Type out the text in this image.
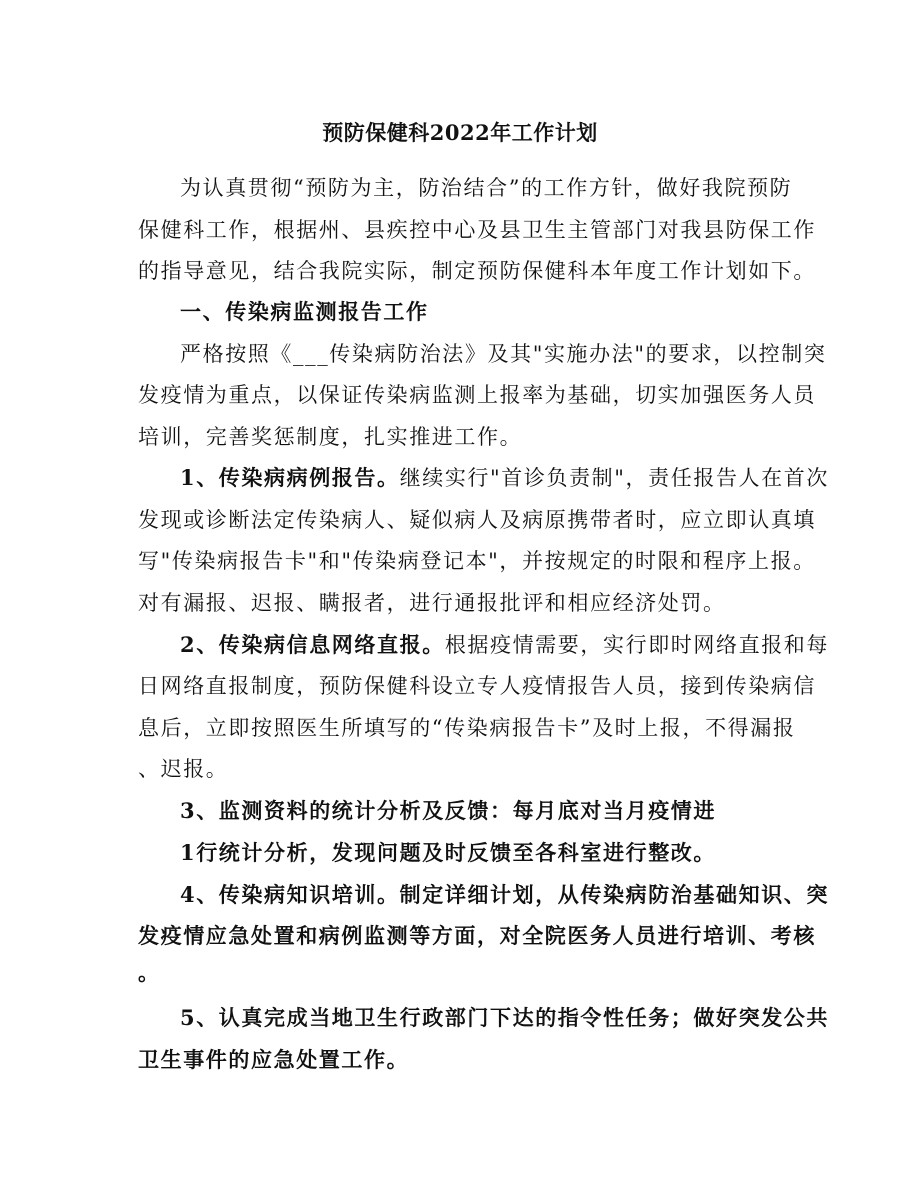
预防保健科2022年工作计划
为认真贯彻“预防为主，防治结合”的工作方针，做好我院预防
保健科工作，根据州、县疾控中心及县卫生主管部门对我县防保工作
的指导意见，结合我院实际，制定预防保健科本年度工作计划如下。
一、传染病监测报告工作
严格按照《___传染病防治法》及其"实施办法"的要求，以控制突
发疫情为重点，以保证传染病监测上报率为基础，切实加强医务人员
培训，完善奖惩制度，扎实推进工作。
1、传染病病例报告。继续实行"首诊负责制"，责任报告人在首次
发现或诊断法定传染病人、疑似病人及病原携带者时，应立即认真填
写"传染病报告卡"和"传染病登记本"，并按规定的时限和程序上报。
对有漏报、迟报、瞒报者，进行通报批评和相应经济处罚。
2、传染病信息网络直报。根据疫情需要，实行即时网络直报和每
日网络直报制度，预防保健科设立专人疫情报告人员，接到传染病信
息后，立即按照医生所填写的“传染病报告卡”及时上报，不得漏报
、迟报。
3、监测资料的统计分析及反馈：每月底对当月疫情进
1行统计分析，发现问题及时反馈至各科室进行整改。
4、传染病知识培训。制定详细计划，从传染病防治基础知识、突
发疫情应急处置和病例监测等方面，对全院医务人员进行培训、考核
。
5、认真完成当地卫生行政部门下达的指令性任务；做好突发公共
卫生事件的应急处置工作。
